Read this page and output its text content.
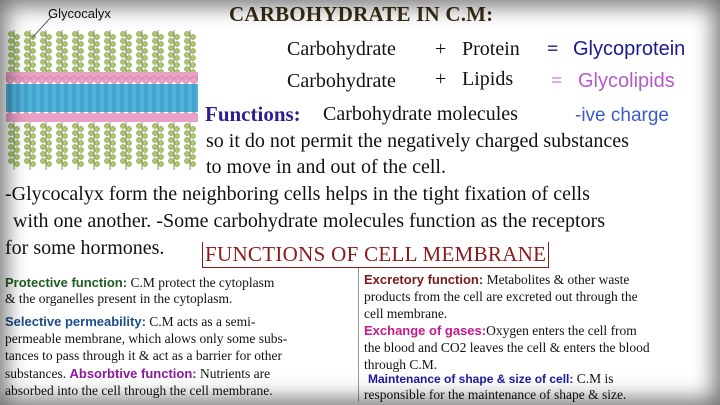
Glycocalyx	CARBOHYDRATE IN C.M:
Carbohydrate + Protein = Glycoprotein
Carbohydrate + Lipids = Glycolipids
Functions: Carbohydrate molecules	-ive charge
so it do not permit the negatively charged substances
to move in and out of the cell.
-Glycocalyx form the neighboring cells helps in the tight fixation of cells
with one another. -Some carbohydrate molecules function as the receptors
for some hormones. FUNCTIONS OF CELL MEMBRANE
Protective function: C.M protect the cytoplasm
& the organelles present in the cytoplasm.
Selective permeability: C.M acts as a semi-
permeable membrane, which alows only some subs-
tances to pass through it & act as a barrier for other
substances. Absorbtive function: Nutrients are
absorbed into the cell through the cell membrane.
Excretory function: Metabolites & other waste
products from the cell are excreted out through the
cell membrane.
Exchange of gases:Oxygen enters the cell from
the blood and CO2 leaves the cell & enters the blood
through C.M.
Maintenance of shape & size of cell: C.M is
responsible for the maintenance of shape & size.
